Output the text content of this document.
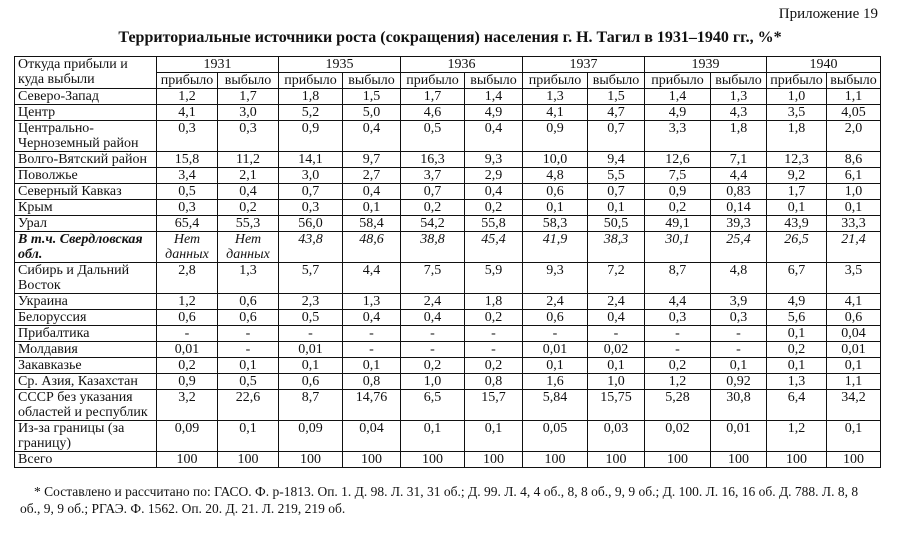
Приложение 19
Территориальные источники роста (сокращения) населения г. Н. Тагил в 1931–1940 гг., %*
Откуда прибыли и куда выбыли	1931		1935		1936		1937		1939		1940	
	прибыло	выбыло	прибыло	выбыло	прибыло	выбыло	прибыло	выбыло	прибыло	выбыло	прибыло	выбыло
Северо-Запад	1,2	1,7	1,8	1,5	1,7	1,4	1,3	1,5	1,4	1,3	1,0	1,1
Центр	4,1	3,0	5,2	5,0	4,6	4,9	4,1	4,7	4,9	4,3	3,5	4,05
Центрально-Черноземный район	0,3	0,3	0,9	0,4	0,5	0,4	0,9	0,7	3,3	1,8	1,8	2,0
Волго-Вятский район	15,8	11,2	14,1	9,7	16,3	9,3	10,0	9,4	12,6	7,1	12,3	8,6
Поволжье	3,4	2,1	3,0	2,7	3,7	2,9	4,8	5,5	7,5	4,4	9,2	6,1
Северный Кавказ	0,5	0,4	0,7	0,4	0,7	0,4	0,6	0,7	0,9	0,83	1,7	1,0
Крым	0,3	0,2	0,3	0,1	0,2	0,2	0,1	0,1	0,2	0,14	0,1	0,1
Урал	65,4	55,3	56,0	58,4	54,2	55,8	58,3	50,5	49,1	39,3	43,9	33,3
В т.ч. Свердловская обл.	Нет данных	Нет данных	43,8	48,6	38,8	45,4	41,9	38,3	30,1	25,4	26,5	21,4
Сибирь и Дальний Восток	2,8	1,3	5,7	4,4	7,5	5,9	9,3	7,2	8,7	4,8	6,7	3,5
Украина	1,2	0,6	2,3	1,3	2,4	1,8	2,4	2,4	4,4	3,9	4,9	4,1
Белоруссия	0,6	0,6	0,5	0,4	0,4	0,2	0,6	0,4	0,3	0,3	5,6	0,6
Прибалтика	-	-	-	-	-	-	-	-	-	-	0,1	0,04
Молдавия	0,01	-	0,01	-	-	-	0,01	0,02	-	-	0,2	0,01
Закавказье	0,2	0,1	0,1	0,1	0,2	0,2	0,1	0,1	0,2	0,1	0,1	0,1
Ср. Азия, Казахстан	0,9	0,5	0,6	0,8	1,0	0,8	1,6	1,0	1,2	0,92	1,3	1,1
СССР без указания областей и республик	3,2	22,6	8,7	14,76	6,5	15,7	5,84	15,75	5,28	30,8	6,4	34,2
Из-за границы (за границу)	0,09	0,1	0,09	0,04	0,1	0,1	0,05	0,03	0,02	0,01	1,2	0,1
Всего	100	100	100	100	100	100	100	100	100	100	100	100
* Составлено и рассчитано по: ГАСО. Ф. р-1813. Оп. 1. Д. 98. Л. 31, 31 об.; Д. 99. Л. 4, 4 об., 8, 8 об., 9, 9 об.; Д. 100. Л. 16, 16 об. Д. 788. Л. 8, 8 об., 9, 9 об.; РГАЭ. Ф. 1562. Оп. 20. Д. 21. Л. 219, 219 об.
